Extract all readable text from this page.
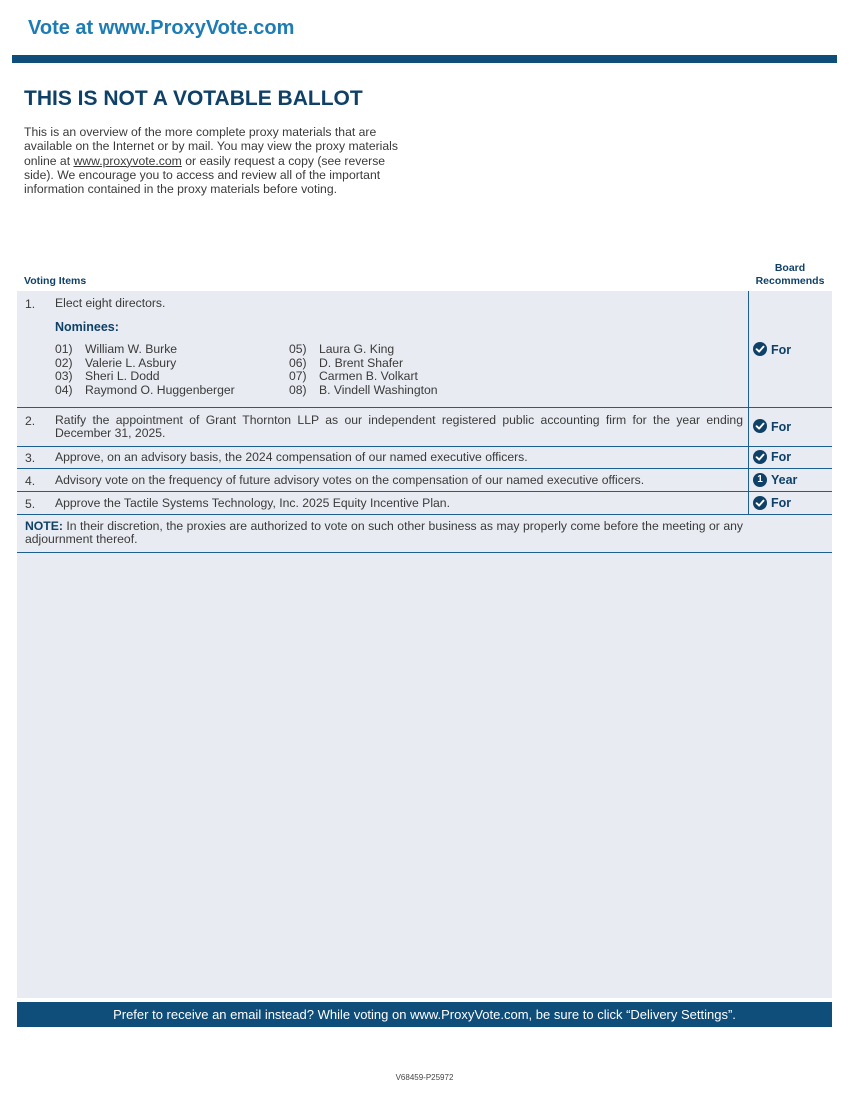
Vote at www.ProxyVote.com
THIS IS NOT A VOTABLE BALLOT
This is an overview of the more complete proxy materials that are available on the Internet or by mail. You may view the proxy materials online at www.proxyvote.com or easily request a copy (see reverse side). We encourage you to access and review all of the important information contained in the proxy materials before voting.
Voting Items
Board Recommends
1. Elect eight directors.
Nominees:
01) William W. Burke
02) Valerie L. Asbury
03) Sheri L. Dodd
04) Raymond O. Huggenberger
05) Laura G. King
06) D. Brent Shafer
07) Carmen B. Volkart
08) B. Vindell Washington
For
2. Ratify the appointment of Grant Thornton LLP as our independent registered public accounting firm for the year ending December 31, 2025.	For
3. Approve, on an advisory basis, the 2024 compensation of our named executive officers.	For
4. Advisory vote on the frequency of future advisory votes on the compensation of our named executive officers.	1 Year
5. Approve the Tactile Systems Technology, Inc. 2025 Equity Incentive Plan.	For
NOTE: In their discretion, the proxies are authorized to vote on such other business as may properly come before the meeting or any adjournment thereof.
Prefer to receive an email instead? While voting on www.ProxyVote.com, be sure to click “Delivery Settings”.
V68459-P25972
